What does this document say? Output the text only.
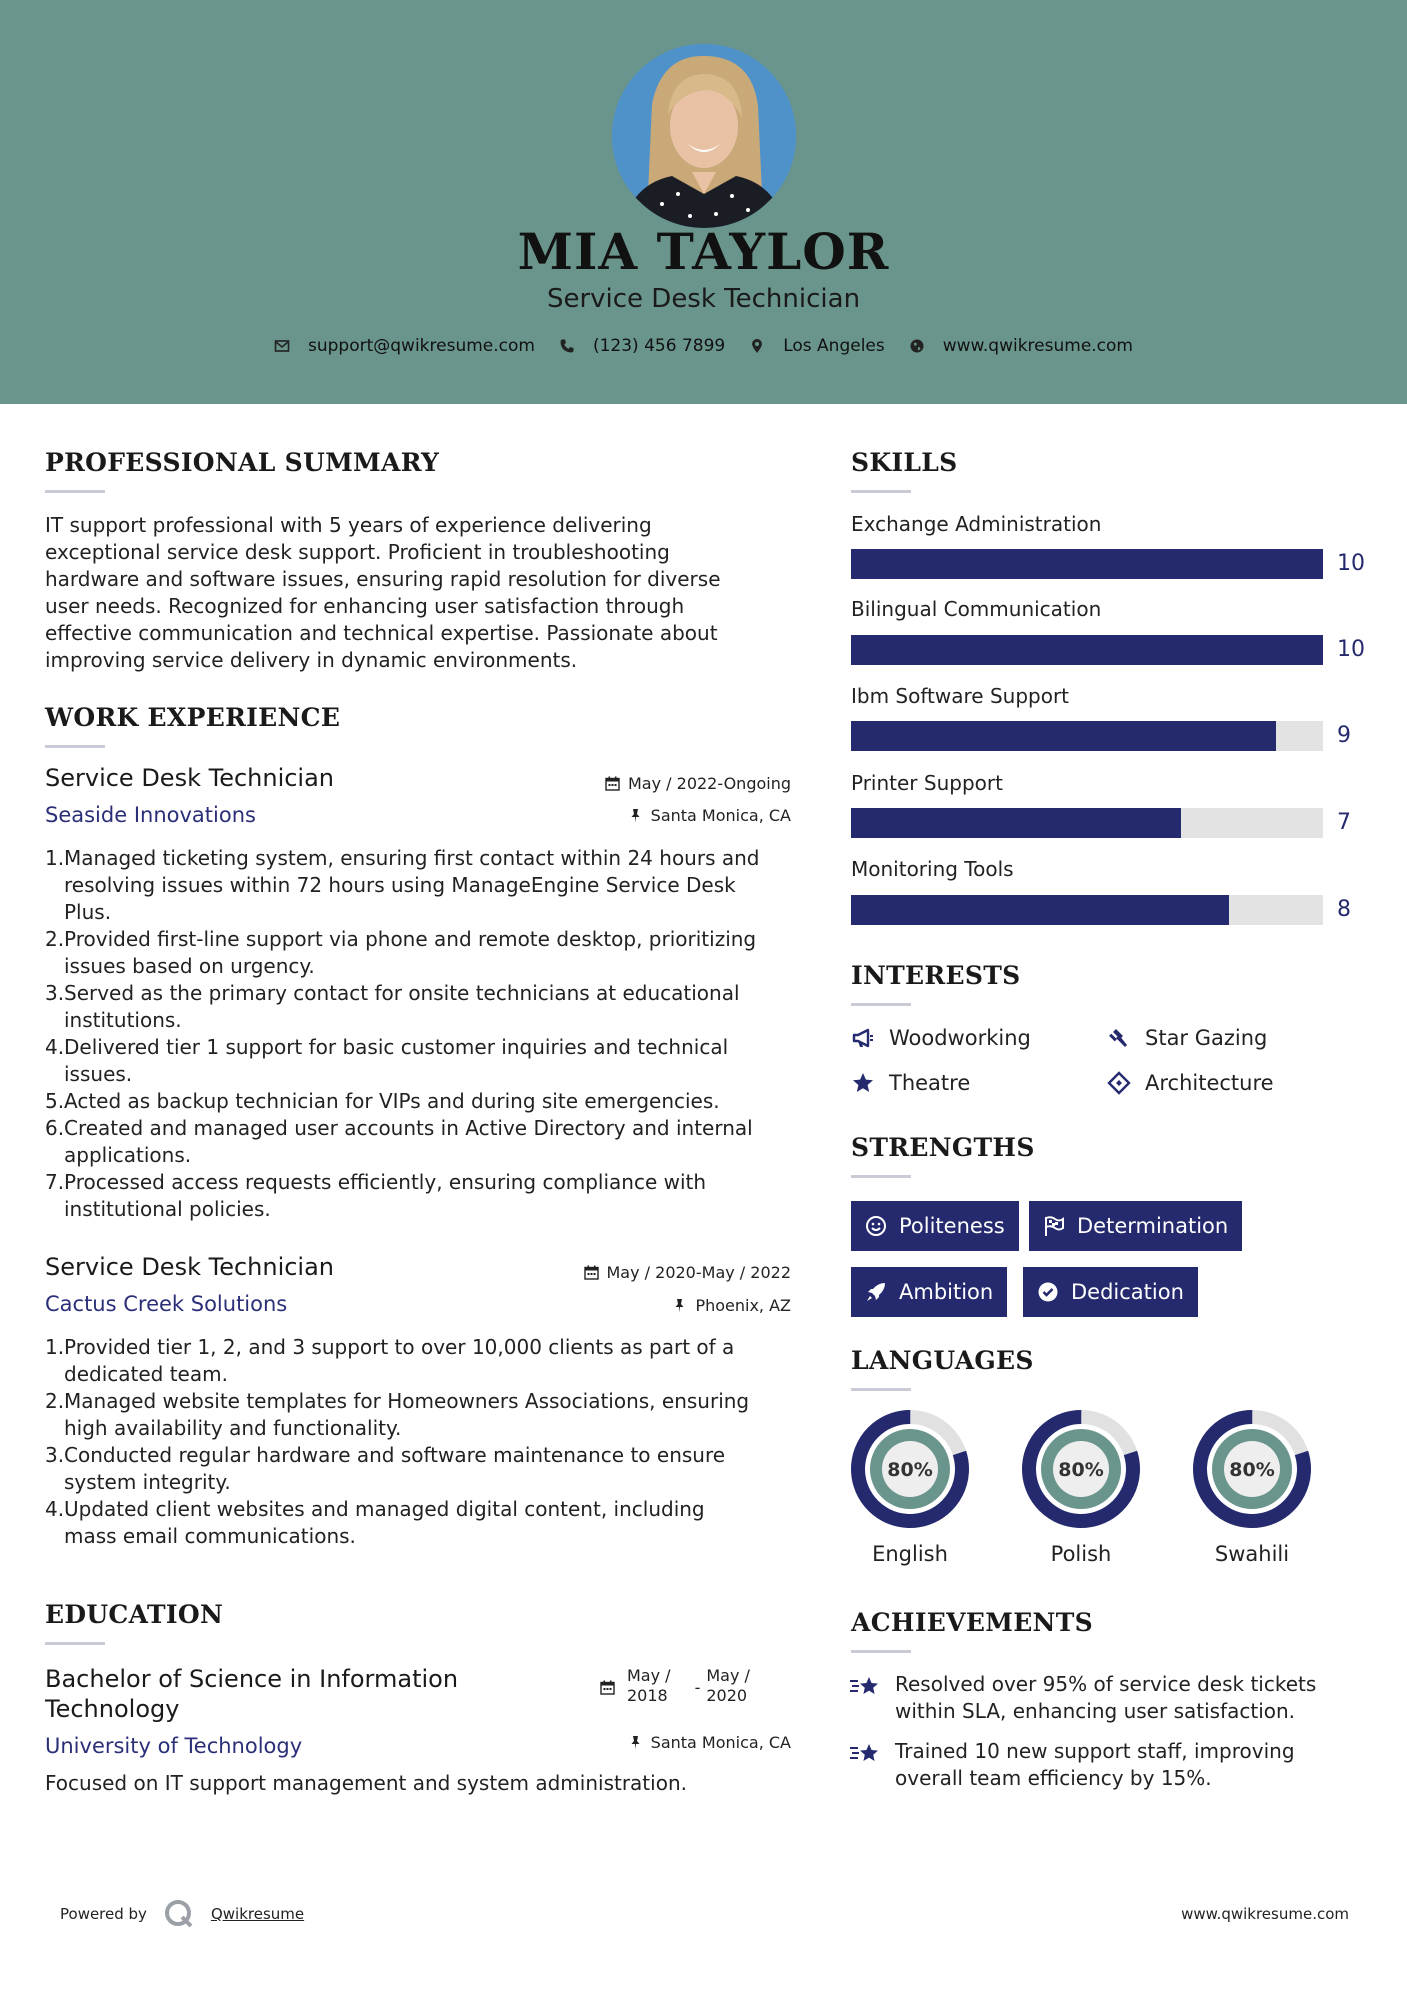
MIA TAYLOR
Service Desk Technician
support@qwikresume.com	(123) 456 7899	Los Angeles	www.qwikresume.com
PROFESSIONAL SUMMARY
IT support professional with 5 years of experience delivering
exceptional service desk support. Proficient in troubleshooting
hardware and software issues, ensuring rapid resolution for diverse
user needs. Recognized for enhancing user satisfaction through
effective communication and technical expertise. Passionate about
improving service delivery in dynamic environments.
WORK EXPERIENCE
Service Desk Technician
Seaside Innovations
May / 2022-Ongoing
Santa Monica, CA
1. Managed ticketing system, ensuring first contact within 24 hours and
resolving issues within 72 hours using ManageEngine Service Desk
Plus.
2. Provided first-line support via phone and remote desktop, prioritizing
issues based on urgency.
3. Served as the primary contact for onsite technicians at educational
institutions.
4. Delivered tier 1 support for basic customer inquiries and technical
issues.
5. Acted as backup technician for VIPs and during site emergencies.
6. Created and managed user accounts in Active Directory and internal
applications.
7. Processed access requests efficiently, ensuring compliance with
institutional policies.
Service Desk Technician
Cactus Creek Solutions
May / 2020-May / 2022
Phoenix, AZ
1. Provided tier 1, 2, and 3 support to over 10,000 clients as part of a
dedicated team.
2. Managed website templates for Homeowners Associations, ensuring
high availability and functionality.
3. Conducted regular hardware and software maintenance to ensure
system integrity.
4. Updated client websites and managed digital content, including
mass email communications.
EDUCATION
Bachelor of Science in Information
Technology
University of Technology
May /
2018 -
May /
2020
Santa Monica, CA
Focused on IT support management and system administration.
SKILLS
Exchange Administration
10
Bilingual Communication
10
Ibm Software Support
9
Printer Support
7
Monitoring Tools
8
INTERESTS
Woodworking	Star Gazing
Theatre	Architecture
STRENGTHS
Politeness	Determination
Ambition	Dedication
LANGUAGES
80%
English
80%
Polish
80%
Swahili
ACHIEVEMENTS
Resolved over 95% of service desk tickets
within SLA, enhancing user satisfaction.
Trained 10 new support staff, improving
overall team efficiency by 15%.
Powered by	Qwikresume	www.qwikresume.com
